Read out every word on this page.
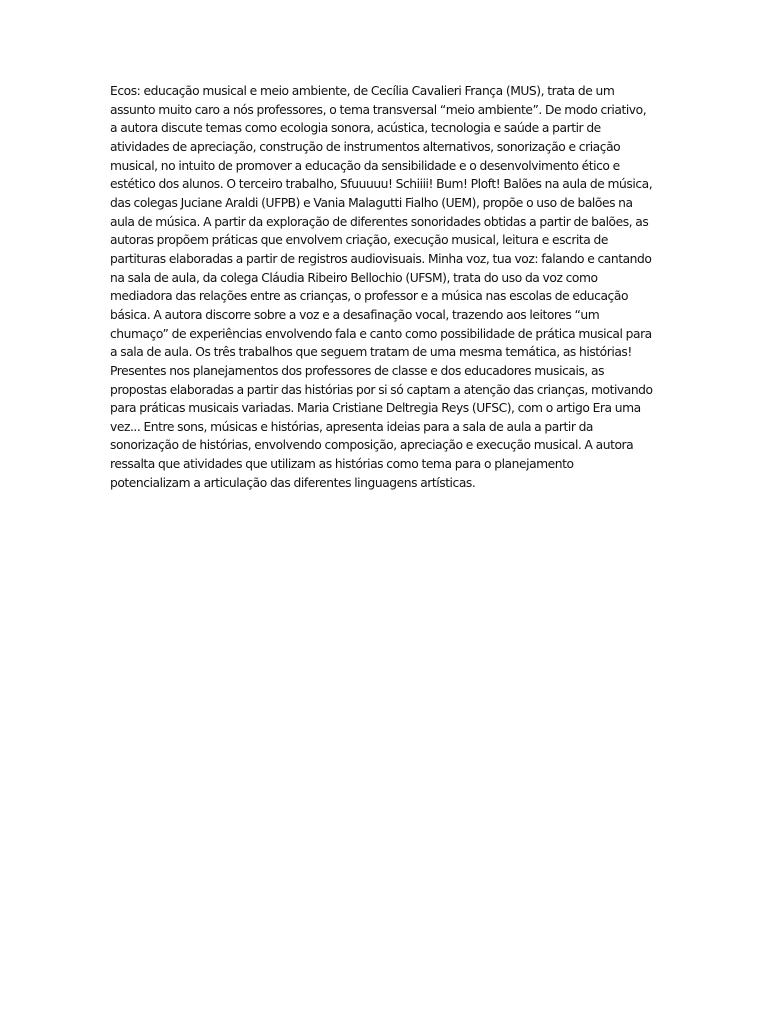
Ecos: educação musical e meio ambiente, de Cecília Cavalieri França (MUS), trata de um
assunto muito caro a nós professores, o tema transversal “meio ambiente”. De modo criativo,
a autora discute temas como ecologia sonora, acústica, tecnologia e saúde a partir de
atividades de apreciação, construção de instrumentos alternativos, sonorização e criação
musical, no intuito de promover a educação da sensibilidade e o desenvolvimento ético e
estético dos alunos. O terceiro trabalho, Sfuuuuu! Schiiii! Bum! Ploft! Balões na aula de música,
das colegas Juciane Araldi (UFPB) e Vania Malagutti Fialho (UEM), propõe o uso de balões na
aula de música. A partir da exploração de diferentes sonoridades obtidas a partir de balões, as
autoras propõem práticas que envolvem criação, execução musical, leitura e escrita de
partituras elaboradas a partir de registros audiovisuais. Minha voz, tua voz: falando e cantando
na sala de aula, da colega Cláudia Ribeiro Bellochio (UFSM), trata do uso da voz como
mediadora das relações entre as crianças, o professor e a música nas escolas de educação
básica. A autora discorre sobre a voz e a desafinação vocal, trazendo aos leitores “um
chumaço” de experiências envolvendo fala e canto como possibilidade de prática musical para
a sala de aula. Os três trabalhos que seguem tratam de uma mesma temática, as histórias!
Presentes nos planejamentos dos professores de classe e dos educadores musicais, as
propostas elaboradas a partir das histórias por si só captam a atenção das crianças, motivando
para práticas musicais variadas. Maria Cristiane Deltregia Reys (UFSC), com o artigo Era uma
vez... Entre sons, músicas e histórias, apresenta ideias para a sala de aula a partir da
sonorização de histórias, envolvendo composição, apreciação e execução musical. A autora
ressalta que atividades que utilizam as histórias como tema para o planejamento
potencializam a articulação das diferentes linguagens artísticas.
